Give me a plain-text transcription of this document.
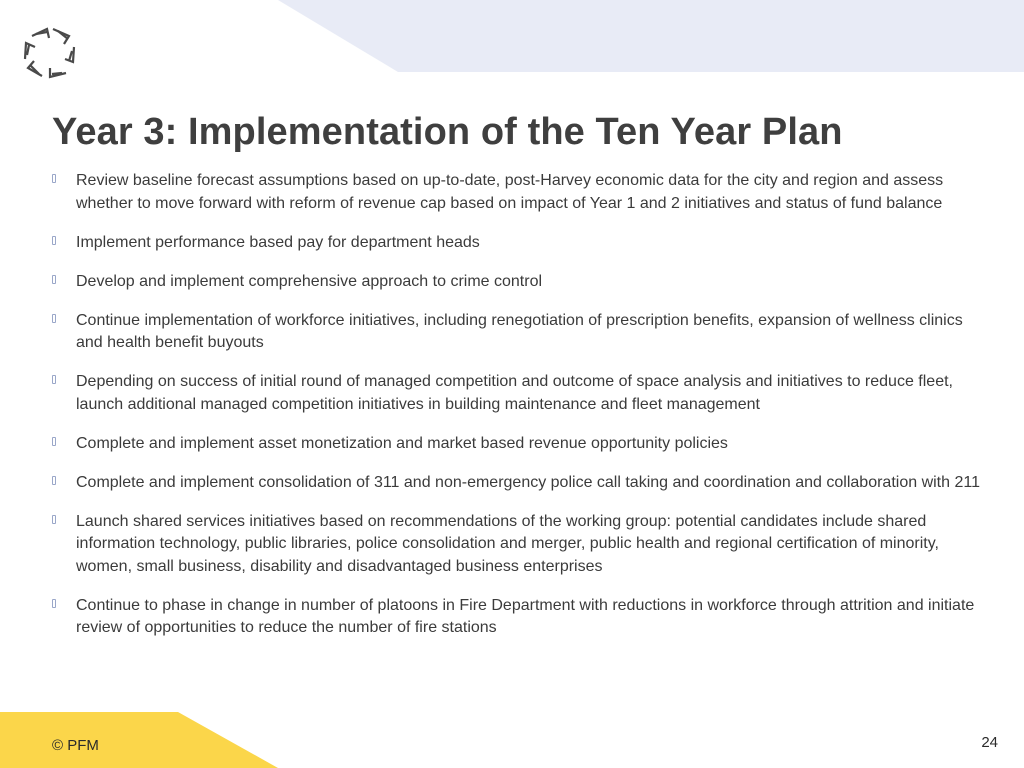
Year 3: Implementation of the Ten Year Plan
Review baseline forecast assumptions based on up-to-date, post-Harvey economic data for the city and region and assess whether to move forward with reform of revenue cap based on impact of Year 1 and 2 initiatives and status of fund balance
Implement performance based pay for department heads
Develop and implement comprehensive approach to crime control
Continue implementation of workforce initiatives, including renegotiation of prescription benefits, expansion of wellness clinics and health benefit buyouts
Depending on success of initial round of managed competition and outcome of space analysis and initiatives to reduce fleet, launch additional managed competition initiatives in building maintenance and fleet management
Complete and implement asset monetization and market based revenue opportunity policies
Complete and implement consolidation of 311 and non-emergency police call taking and coordination and collaboration with 211
Launch shared services initiatives based on recommendations of the working group: potential candidates include shared information technology, public libraries, police consolidation and merger, public health and regional certification of minority, women, small business, disability and disadvantaged business enterprises
Continue to phase in change in number of platoons in Fire Department with reductions in workforce through attrition and initiate review of opportunities to reduce the number of fire stations
© PFM	24
